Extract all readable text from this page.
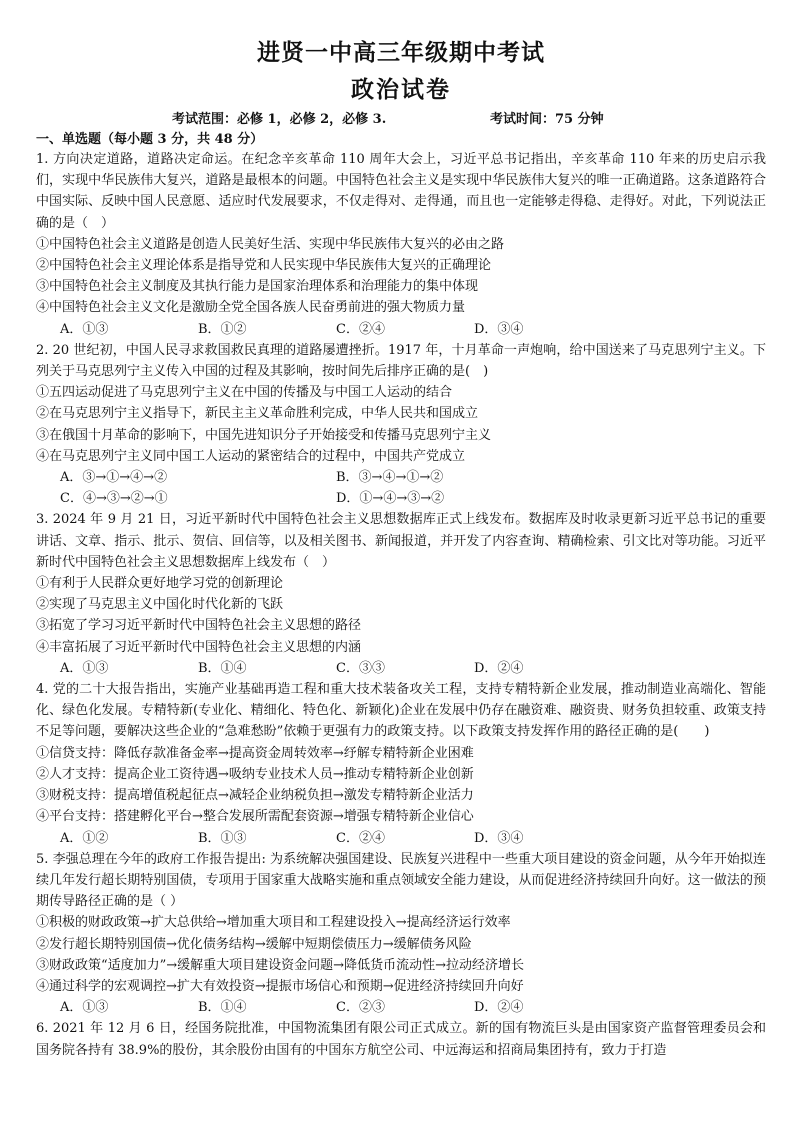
进贤一中高三年级期中考试
政治试卷
考试范围：必修 1，必修 2，必修 3.	考试时间：75 分钟
一、单选题（每小题 3 分，共 48 分）

1. 方向决定道路，道路决定命运。在纪念辛亥革命 110 周年大会上，习近平总书记指出，辛亥革命 110 年来的历史启示我们，实现中华民族伟大复兴，道路是最根本的问题。中国特色社会主义是实现中华民族伟大复兴的唯一正确道路。这条道路符合中国实际、反映中国人民意愿、适应时代发展要求，不仅走得对、走得通，而且也一定能够走得稳、走得好。对此，下列说法正确的是（　）

①中国特色社会主义道路是创造人民美好生活、实现中华民族伟大复兴的必由之路

②中国特色社会主义理论体系是指导党和人民实现中华民族伟大复兴的正确理论

③中国特色社会主义制度及其执行能力是国家治理体系和治理能力的集中体现

④中国特色社会主义文化是激励全党全国各族人民奋勇前进的强大物质力量

A．①③	B．①②	C．②④	D．③④

2. 20 世纪初，中国人民寻求救国救民真理的道路屡遭挫折。1917 年，十月革命一声炮响，给中国送来了马克思列宁主义。下列关于马克思列宁主义传入中国的过程及其影响，按时间先后排序正确的是(　)

①五四运动促进了马克思列宁主义在中国的传播及与中国工人运动的结合

②在马克思列宁主义指导下，新民主主义革命胜利完成，中华人民共和国成立

③在俄国十月革命的影响下，中国先进知识分子开始接受和传播马克思列宁主义

④在马克思列宁主义同中国工人运动的紧密结合的过程中，中国共产党成立

A．③→①→④→②	B．③→④→①→②
C．④→③→②→①	D．①→④→③→②

3. 2024 年 9 月 21 日，习近平新时代中国特色社会主义思想数据库正式上线发布。数据库及时收录更新习近平总书记的重要讲话、文章、指示、批示、贺信、回信等，以及相关图书、新闻报道，并开发了内容查询、精确检索、引文比对等功能。习近平新时代中国特色社会主义思想数据库上线发布（　）

①有利于人民群众更好地学习党的创新理论

②实现了马克思主义中国化时代化新的飞跃

③拓宽了学习习近平新时代中国特色社会主义思想的路径

④丰富拓展了习近平新时代中国特色社会主义思想的内涵

A．①③	B．①④	C．③③	D．②④

4. 党的二十大报告指出，实施产业基础再造工程和重大技术装备攻关工程，支持专精特新企业发展，推动制造业高端化、智能化、绿色化发展。专精特新(专业化、精细化、特色化、新颖化)企业在发展中仍存在融资难、融资贵、财务负担较重、政策支持不足等问题，要解决这些企业的“急难愁盼”依赖于更强有力的政策支持。以下政策支持发挥作用的路径正确的是(　　)

①信贷支持：降低存款准备金率→提高资金周转效率→纾解专精特新企业困难

②人才支持：提高企业工资待遇→吸纳专业技术人员→推动专精特新企业创新

③财税支持：提高增值税起征点→减轻企业纳税负担→激发专精特新企业活力

④平台支持：搭建孵化平台→整合发展所需配套资源→增强专精特新企业信心

A．①②	B．①③	C．②④	D．③④

5. 李强总理在今年的政府工作报告提出: 为系统解决强国建设、民族复兴进程中一些重大项目建设的资金问题，从今年开始拟连续几年发行超长期特别国债，专项用于国家重大战略实施和重点领域安全能力建设，从而促进经济持续回升向好。这一做法的预期传导路径正确的是（ ）

①积极的财政政策→扩大总供给→增加重大项目和工程建设投入→提高经济运行效率

②发行超长期特别国债→优化债务结构→缓解中短期偿债压力→缓解债务风险

③财政政策“适度加力”→缓解重大项目建设资金问题→降低货币流动性→拉动经济增长

④通过科学的宏观调控→扩大有效投资→提振市场信心和预期→促进经济持续回升向好

A．①③	B．①④	C．②③	D．②④

6. 2021 年 12 月 6 日，经国务院批准，中国物流集团有限公司正式成立。新的国有物流巨头是由国家资产监督管理委员会和国务院各持有 38.9%的股份，其余股份由国有的中国东方航空公司、中远海运和招商局集团持有，致力于打造
